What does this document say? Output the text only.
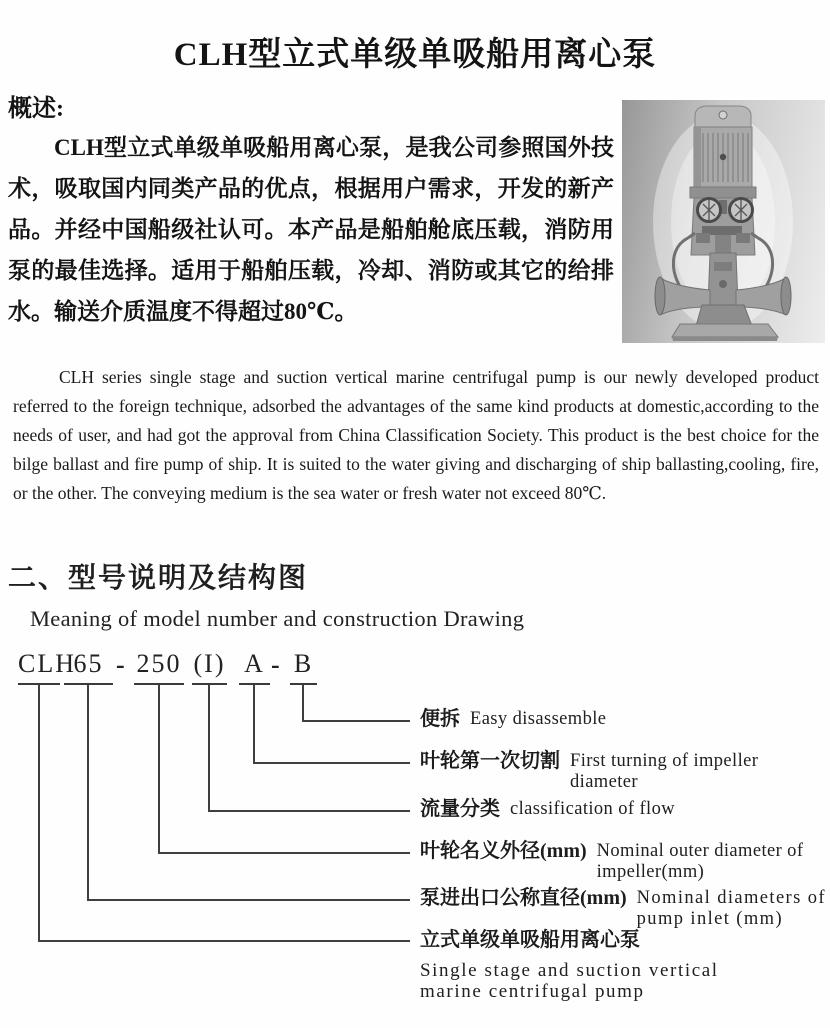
CLH型立式单级单吸船用离心泵
概述:
CLH型立式单级单吸船用离心泵，是我公司参照国外技术，吸取国内同类产品的优点，根据用户需求，开发的新产品。并经中国船级社认可。本产品是船舶舱底压载，消防用泵的最佳选择。适用于船舶压载，冷却、消防或其它的给排水。输送介质温度不得超过80℃。
CLH series single stage and suction vertical marine centrifugal pump is our newly developed product referred to the foreign technique, adsorbed the advantages of the same kind products at domestic,according to the needs of user, and had got the approval from China Classification Society. This product is the best choice for the bilge ballast and fire pump of ship. It is suited to the water giving and discharging of ship ballasting,cooling, fire, or the other. The conveying medium is the sea water or fresh water not exceed 80℃.
二、型号说明及结构图
Meaning of model number and construction Drawing
CLH
65 - 250 (I) A - B
便拆 Easy disassemble
叶轮第一次切割 First turning of impeller
diameter
流量分类 classification of flow
叶轮名义外径(mm) Nominal outer diameter of
impeller(mm)
泵进出口公称直径(mm) Nominal diameters of
pump inlet (mm)
立式单级单吸船用离心泵
Single stage and suction vertical
marine centrifugal pump
